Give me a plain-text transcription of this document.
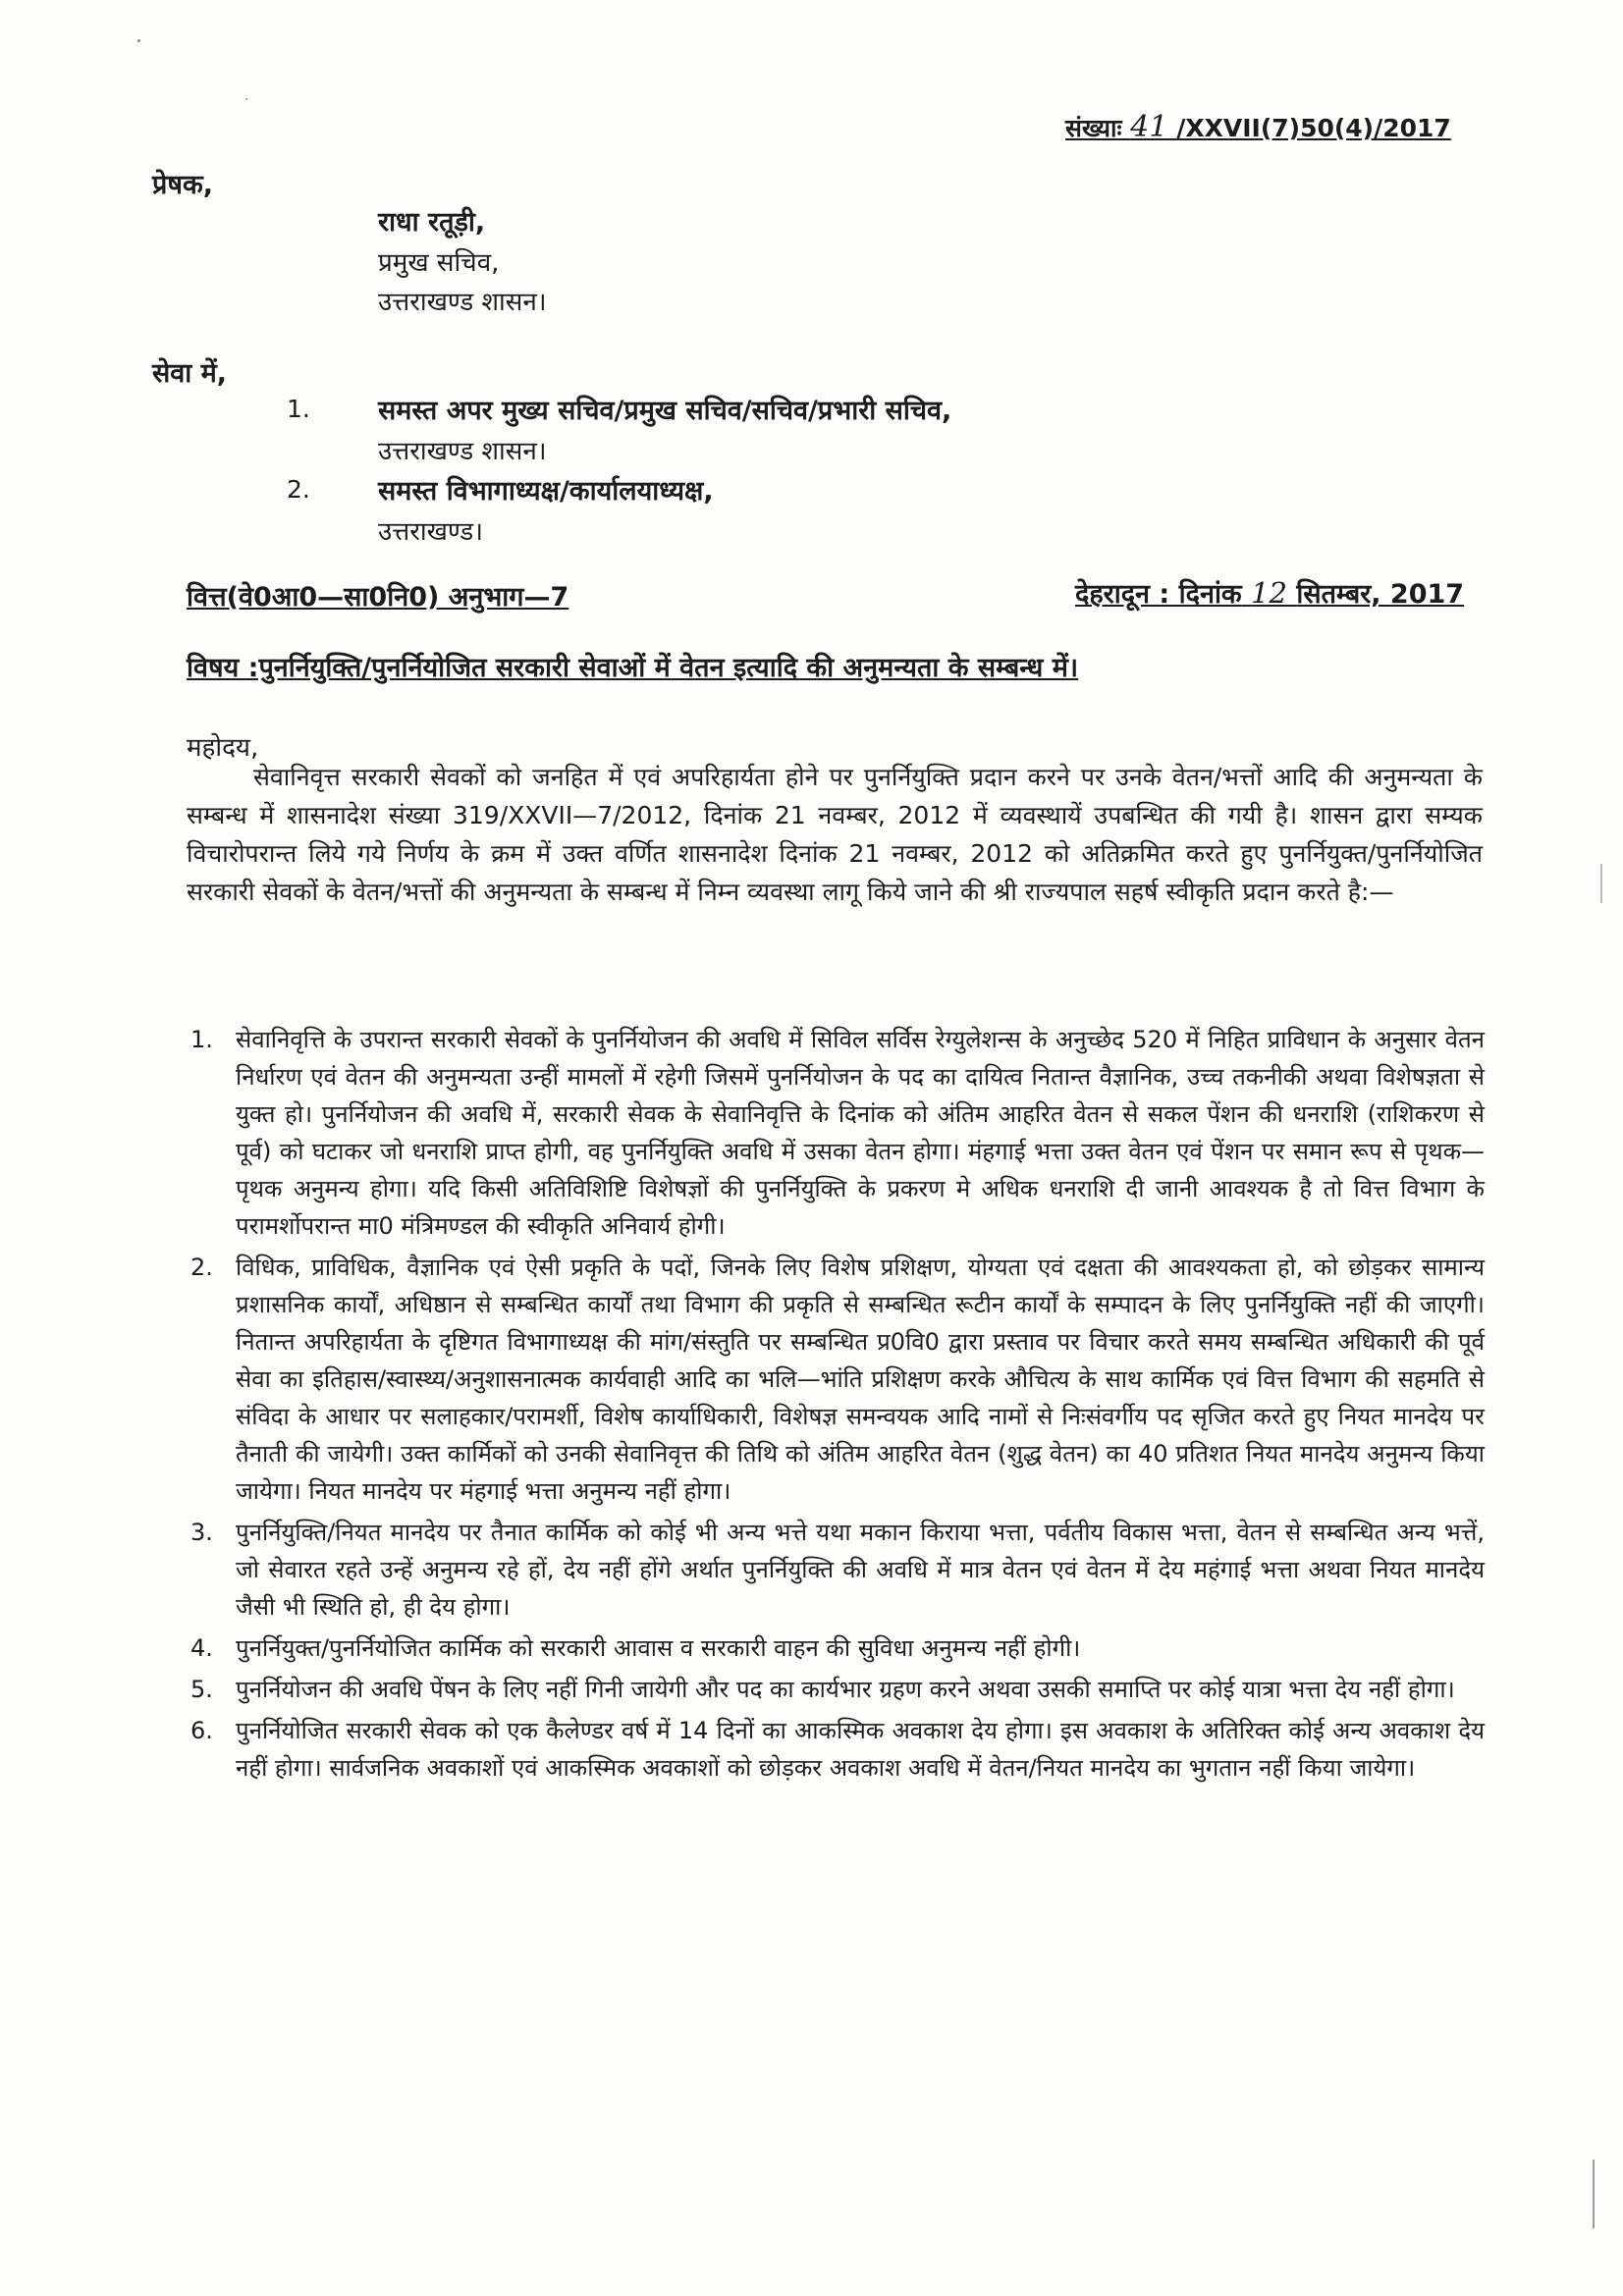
संख्याः 41 /XXVII(7)50(4)/2017
प्रेषक,
राधा रतूड़ी,
प्रमुख सचिव,
उत्तराखण्ड शासन।
सेवा में,
1.	समस्त अपर मुख्य सचिव/प्रमुख सचिव/सचिव/प्रभारी सचिव,
उत्तराखण्ड शासन।
2.	समस्त विभागाध्यक्ष/कार्यालयाध्यक्ष,
उत्तराखण्ड।
वित्त(वे0आ0—सा0नि0) अनुभाग—7	देहरादून : दिनांक 12 सितम्बर, 2017
विषय :पुनर्नियुक्ति/पुनर्नियोजित सरकारी सेवाओं में वेतन इत्यादि की अनुमन्यता के सम्बन्ध में।
महोदय,
सेवानिवृत्त सरकारी सेवकों को जनहित में एवं अपरिहार्यता होने पर पुनर्नियुक्ति प्रदान करने पर उनके वेतन/भत्तों आदि की अनुमन्यता के सम्बन्ध में शासनादेश संख्या 319/XXVII—7/2012, दिनांक 21 नवम्बर, 2012 में व्यवस्थायें उपबन्धित की गयी है। शासन द्वारा सम्यक विचारोपरान्त लिये गये निर्णय के क्रम में उक्त वर्णित शासनादेश दिनांक 21 नवम्बर, 2012 को अतिक्रमित करते हुए पुनर्नियुक्त/पुनर्नियोजित सरकारी सेवकों के वेतन/भत्तों की अनुमन्यता के सम्बन्ध में निम्न व्यवस्था लागू किये जाने की श्री राज्यपाल सहर्ष स्वीकृति प्रदान करते है:—
1. सेवानिवृत्ति के उपरान्त सरकारी सेवकों के पुनर्नियोजन की अवधि में सिविल सर्विस रेग्युलेशन्स के अनुच्छेद 520 में निहित प्राविधान के अनुसार वेतन निर्धारण एवं वेतन की अनुमन्यता उन्हीं मामलों में रहेगी जिसमें पुनर्नियोजन के पद का दायित्व नितान्त वैज्ञानिक, उच्च तकनीकी अथवा विशेषज्ञता से युक्त हो। पुनर्नियोजन की अवधि में, सरकारी सेवक के सेवानिवृत्ति के दिनांक को अंतिम आहरित वेतन से सकल पेंशन की धनराशि (राशिकरण से पूर्व) को घटाकर जो धनराशि प्राप्त होगी, वह पुनर्नियुक्ति अवधि में उसका वेतन होगा। मंहगाई भत्ता उक्त वेतन एवं पेंशन पर समान रूप से पृथक—पृथक अनुमन्य होगा। यदि किसी अतिविशिष्टि विशेषज्ञों की पुनर्नियुक्ति के प्रकरण मे अधिक धनराशि दी जानी आवश्यक है तो वित्त विभाग के परामर्शोपरान्त मा0 मंत्रिमण्डल की स्वीकृति अनिवार्य होगी।
2. विधिक, प्राविधिक, वैज्ञानिक एवं ऐसी प्रकृति के पदों, जिनके लिए विशेष प्रशिक्षण, योग्यता एवं दक्षता की आवश्यकता हो, को छोड़कर सामान्य प्रशासनिक कार्यों, अधिष्ठान से सम्बन्धित कार्यों तथा विभाग की प्रकृति से सम्बन्धित रूटीन कार्यों के सम्पादन के लिए पुनर्नियुक्ति नहीं की जाएगी। नितान्त अपरिहार्यता के दृष्टिगत विभागाध्यक्ष की मांग/संस्तुति पर सम्बन्धित प्र0वि0 द्वारा प्रस्ताव पर विचार करते समय सम्बन्धित अधिकारी की पूर्व सेवा का इतिहास/स्वास्थ्य/अनुशासनात्मक कार्यवाही आदि का भलि—भांति प्रशिक्षण करके औचित्य के साथ कार्मिक एवं वित्त विभाग की सहमति से संविदा के आधार पर सलाहकार/परामर्शी, विशेष कार्याधिकारी, विशेषज्ञ समन्वयक आदि नामों से निःसंवर्गीय पद सृजित करते हुए नियत मानदेय पर तैनाती की जायेगी। उक्त कार्मिकों को उनकी सेवानिवृत्त की तिथि को अंतिम आहरित वेतन (शुद्ध वेतन) का 40 प्रतिशत नियत मानदेय अनुमन्य किया जायेगा। नियत मानदेय पर मंहगाई भत्ता अनुमन्य नहीं होगा।
3. पुनर्नियुक्ति/नियत मानदेय पर तैनात कार्मिक को कोई भी अन्य भत्ते यथा मकान किराया भत्ता, पर्वतीय विकास भत्ता, वेतन से सम्बन्धित अन्य भत्तें, जो सेवारत रहते उन्हें अनुमन्य रहे हों, देय नहीं होंगे अर्थात पुनर्नियुक्ति की अवधि में मात्र वेतन एवं वेतन में देय महंगाई भत्ता अथवा नियत मानदेय जैसी भी स्थिति हो, ही देय होगा।
4. पुनर्नियुक्त/पुनर्नियोजित कार्मिक को सरकारी आवास व सरकारी वाहन की सुविधा अनुमन्य नहीं होगी।
5. पुनर्नियोजन की अवधि पेंषन के लिए नहीं गिनी जायेगी और पद का कार्यभार ग्रहण करने अथवा उसकी समाप्ति पर कोई यात्रा भत्ता देय नहीं होगा।
6. पुनर्नियोजित सरकारी सेवक को एक कैलेण्डर वर्ष में 14 दिनों का आकस्मिक अवकाश देय होगा। इस अवकाश के अतिरिक्त कोई अन्य अवकाश देय नहीं होगा। सार्वजनिक अवकाशों एवं आकस्मिक अवकाशों को छोड़कर अवकाश अवधि में वेतन/नियत मानदेय का भुगतान नहीं किया जायेगा।
